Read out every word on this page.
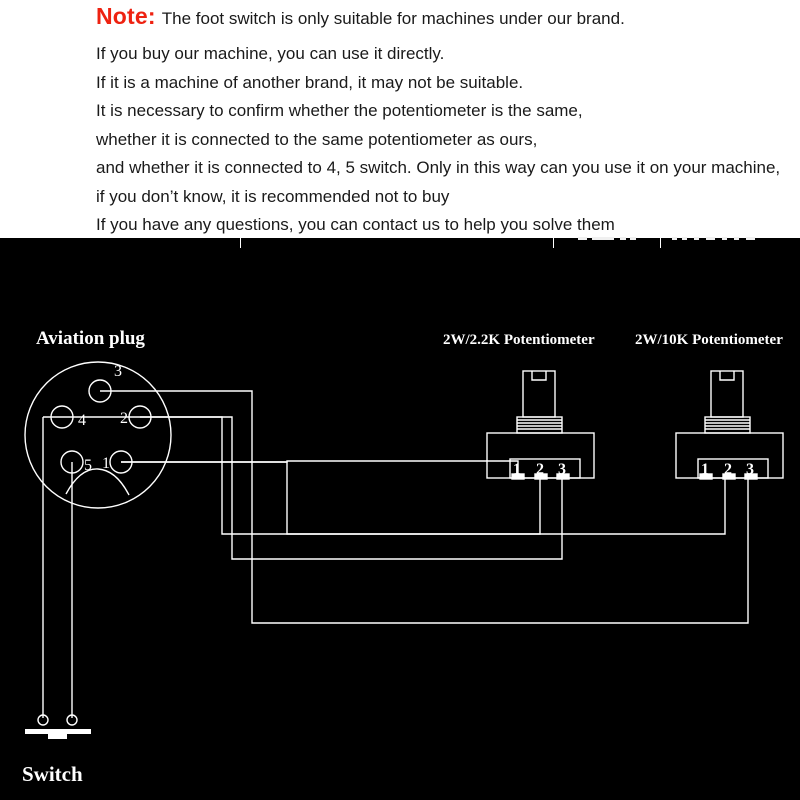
Note: The foot switch is only suitable for machines under our brand.
If you buy our machine, you can use it directly.
If it is a machine of another brand, it may not be suitable.
It is necessary to confirm whether the potentiometer is the same,
whether it is connected to the same potentiometer as ours,
and whether it is connected to 4, 5 switch. Only in this way can you use it on your machine,
if you don’t know, it is recommended not to buy
If you have any questions, you can contact us to help you solve them
3
2
4
1
5	1 2 3	1 2 3
Aviation plug	2W/2.2K Potentiometer	2W/10K Potentiometer
Switch
